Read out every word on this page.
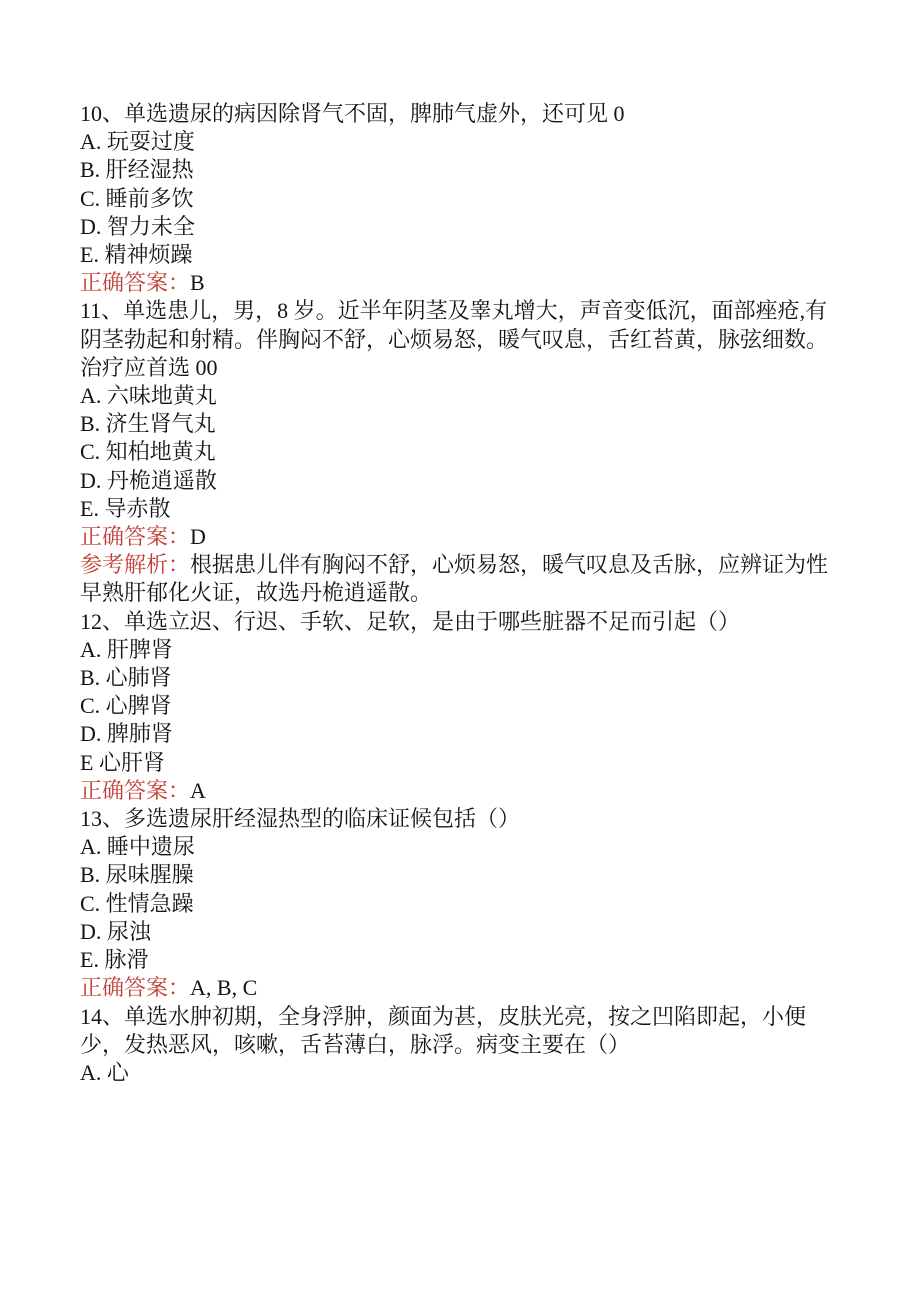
10、单选遗尿的病因除肾气不固，脾肺气虚外，还可见 0

A. 玩耍过度

B. 肝经湿热

C. 睡前多饮

D. 智力未全

E. 精神烦躁

正确答案：B

11、单选患儿，男，8 岁。近半年阴茎及睾丸增大，声音变低沉，面部痤疮,有阴茎勃起和射精。伴胸闷不舒，心烦易怒，暖气叹息，舌红苔黄，脉弦细数。治疗应首选 00

A. 六味地黄丸

B. 济生肾气丸

C. 知柏地黄丸

D. 丹桅逍遥散

E. 导赤散

正确答案：D

参考解析：根据患儿伴有胸闷不舒，心烦易怒，暖气叹息及舌脉，应辨证为性早熟肝郁化火证，故选丹桅逍遥散。

12、单选立迟、行迟、手软、足软，是由于哪些脏器不足而引起（）

A. 肝脾肾

B. 心肺肾

C. 心脾肾

D. 脾肺肾

E 心肝肾

正确答案：A

13、多选遗尿肝经湿热型的临床证候包括（）

A. 睡中遗尿

B. 尿味腥臊

C. 性情急躁

D. 尿浊

E. 脉滑

正确答案：A, B, C

14、单选水肿初期，全身浮肿，颜面为甚，皮肤光亮，按之凹陷即起，小便少，发热恶风，咳嗽，舌苔薄白，脉浮。病变主要在（）

A. 心
